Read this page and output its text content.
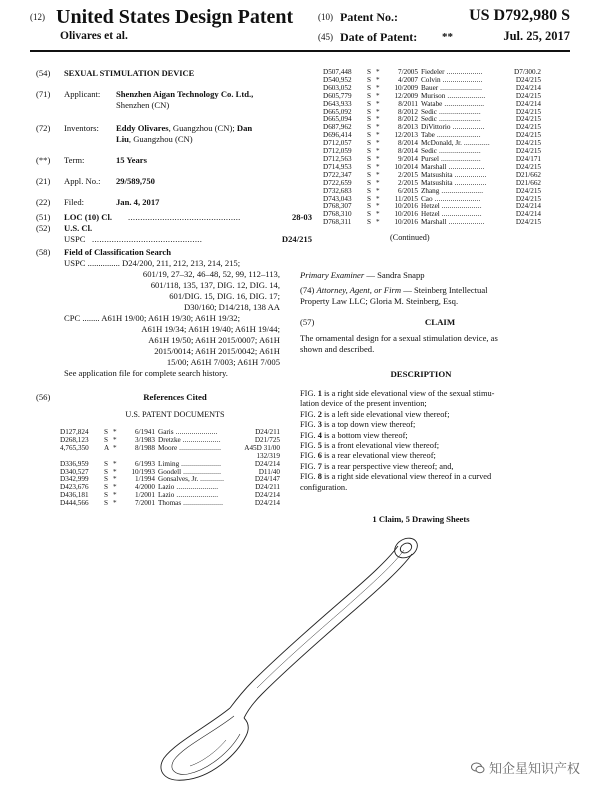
(12) United States Design Patent
Olivares et al.
(10) Patent No.:	US D792,980 S
(45) Date of Patent: **	Jul. 25, 2017
(54)	SEXUAL STIMULATION DEVICE
(71)	Applicant:	Shenzhen Aigan Technology Co. Ltd.,
Shenzhen (CN)
(72)	Inventors:	Eddy Olivares, Guangzhou (CN); Dan
Liu, Guangzhou (CN)
(**)	Term:	15 Years
(21)	Appl. No.:	29/589,750
(22)	Filed:	Jan. 4, 2017
(51)	LOC (10) Cl. ..............................................	28-03
(52)	U.S. Cl.
USPC .............................................	D24/215
(58)	Field of Classification Search
USPC ............... D24/200, 211, 212, 213, 214, 215;
601/19, 27–32, 46–48, 52, 99, 112–113,
601/118, 135, 137, DIG. 12, DIG. 14,
601/DIG. 15, DIG. 16, DIG. 17;
D30/160; D14/218, 138 AA
CPC ........ A61H 19/00; A61H 19/30; A61H 19/32;
A61H 19/34; A61H 19/40; A61H 19/44;
A61H 19/50; A61H 2015/0007; A61H
2015/0014; A61H 2015/0042; A61H
15/00; A61H 7/003; A61H 7/005
See application file for complete search history.
(56)	References Cited
U.S. PATENT DOCUMENTS
D127,824	S	*	6/1941	Garis .....................	D24/211
D268,123	S	*	3/1983	Dretzke ...................	D21/725
4,765,350	A	*	8/1988	Moore .....................	A45D 31/00
					132/319
D336,959	S	*	6/1993	Liming ....................	D24/214
D340,527	S	*	10/1993	Goodell ...................	D11/40
D342,999	S	*	1/1994	Gonsalves, Jr. ............	D24/147
D423,676	S	*	4/2000	Lazio .....................	D24/211
D436,181	S	*	1/2001	Lazio .....................	D24/214
D444,566	S	*	7/2001	Thomas ....................	D24/214
D507,448	S	*	7/2005	Fiedeler ..................	D7/300.2
D540,952	S	*	4/2007	Colvin ....................	D24/215
D603,052	S	*	10/2009	Bauer .....................	D24/214
D605,779	S	*	12/2009	Murison ...................	D24/215
D643,933	S	*	8/2011	Watabe ....................	D24/214
D665,092	S	*	8/2012	Sedic .....................	D24/215
D665,094	S	*	8/2012	Sedic .....................	D24/215
D687,962	S	*	8/2013	DiVittorio ................	D24/215
D696,414	S	*	12/2013	Tabe ......................	D24/215
D712,057	S	*	8/2014	McDonald, Jr. .............	D24/215
D712,059	S	*	8/2014	Sedic .....................	D24/215
D712,563	S	*	9/2014	Pursel ....................	D24/171
D714,953	S	*	10/2014	Marshall ..................	D24/215
D722,347	S	*	2/2015	Matsushita ................	D21/662
D722,659	S	*	2/2015	Matsushita ................	D21/662
D732,683	S	*	6/2015	Zhang .....................	D24/215
D743,043	S	*	11/2015	Cao .......................	D24/215
D768,307	S	*	10/2016	Hetzel ....................	D24/214
D768,310	S	*	10/2016	Hetzel ....................	D24/214
D768,311	S	*	10/2016	Marshall ..................	D24/215
(Continued)
Primary Examiner — Sandra Snapp
(74) Attorney, Agent, or Firm — Steinberg Intellectual
Property Law LLC; Gloria M. Steinberg, Esq.
(57)	CLAIM
The ornamental design for a sexual stimulation device, as
shown and described.
DESCRIPTION
FIG. 1 is a right side elevational view of the sexual stimu-
lation device of the present invention;
FIG. 2 is a left side elevational view thereof;
FIG. 3 is a top down view thereof;
FIG. 4 is a bottom view thereof;
FIG. 5 is a front elevational view thereof;
FIG. 6 is a rear elevational view thereof;
FIG. 7 is a rear perspective view thereof; and,
FIG. 8 is a right side elevational view thereof in a curved
configuration.
1 Claim, 5 Drawing Sheets
知企星知识产权
